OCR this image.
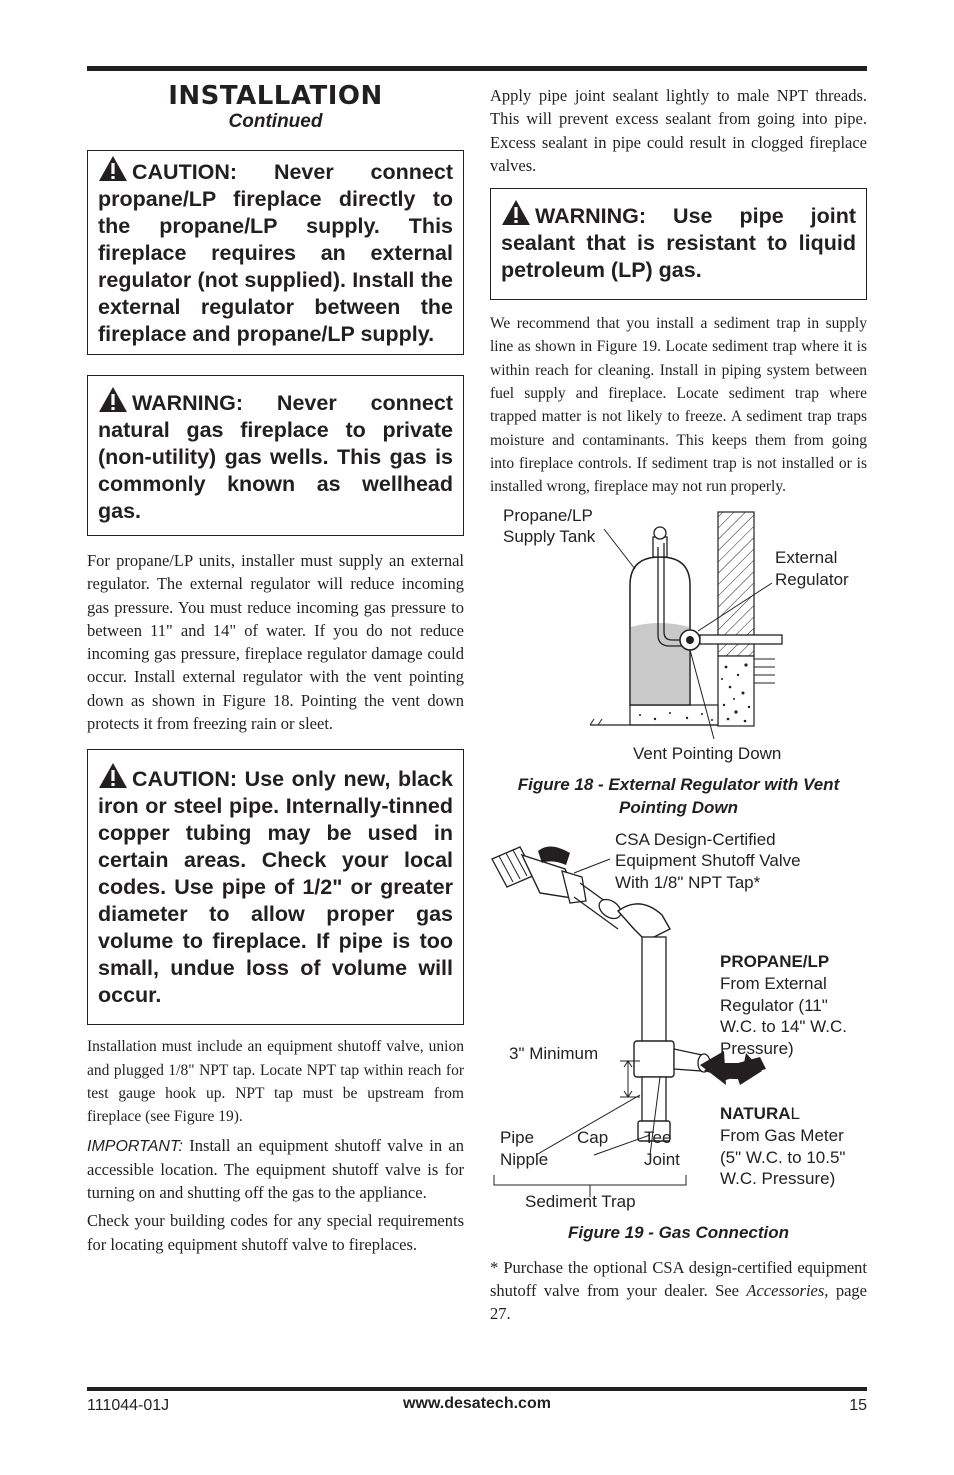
INSTALLATION
Continued
CAUTION: Never connect propane/LP fireplace directly to the propane/LP supply. This fireplace requires an external regulator (not supplied). Install the external regulator between the fireplace and propane/LP supply.
WARNING: Never connect natural gas fireplace to private (non-utility) gas wells. This gas is commonly known as wellhead gas.

For propane/LP units, installer must supply an external regulator. The external regulator will reduce incoming gas pressure. You must reduce incoming gas pressure to between 11" and 14" of water. If you do not reduce incoming gas pressure, fireplace regulator damage could occur. Install external regulator with the vent pointing down as shown in Figure 18. Pointing the vent down protects it from freezing rain or sleet.

CAUTION: Use only new, black iron or steel pipe. Internally-tinned copper tubing may be used in certain areas. Check your local codes. Use pipe of 1/2" or greater diameter to allow proper gas volume to fireplace. If pipe is too small, undue loss of volume will occur.

Installation must include an equipment shutoff valve, union and plugged 1/8" NPT tap. Locate NPT tap within reach for test gauge hook up. NPT tap must be upstream from fireplace (see Figure 19).

IMPORTANT: Install an equipment shutoff valve in an accessible location. The equipment shutoff valve is for turning on and shutting off the gas to the appliance.

Check your building codes for any special requirements for locating equipment shutoff valve to fireplaces.

Apply pipe joint sealant lightly to male NPT threads. This will prevent excess sealant from going into pipe. Excess sealant in pipe could result in clogged fireplace valves.

WARNING: Use pipe joint sealant that is resistant to liquid petroleum (LP) gas.

We recommend that you install a sediment trap in supply line as shown in Figure 19. Locate sediment trap where it is within reach for cleaning. Install in piping system between fuel supply and fireplace. Locate sediment trap where trapped matter is not likely to freeze. A sediment trap traps moisture and contaminants. This keeps them from going into fireplace controls. If sediment trap is not installed or is installed wrong, fireplace may not run properly.

Propane/LP
Supply Tank
External
Regulator
Vent Pointing Down
Figure 18 - External Regulator with Vent
Pointing Down
CSA Design-Certified
Equipment Shutoff Valve
With 1/8" NPT Tap*
PROPANE/LP
From External
Regulator (11"
W.C. to 14" W.C.
Pressure)
3" Minimum
NATURAL
From Gas Meter
(5" W.C. to 10.5"
W.C. Pressure)
Pipe
Nipple
Cap Tee
Joint
Sediment Trap
Figure 19 - Gas Connection

* Purchase the optional CSA design-certified equipment shutoff valve from your dealer. See Accessories, page 27.

111044-01J	www.desatech.com	15
